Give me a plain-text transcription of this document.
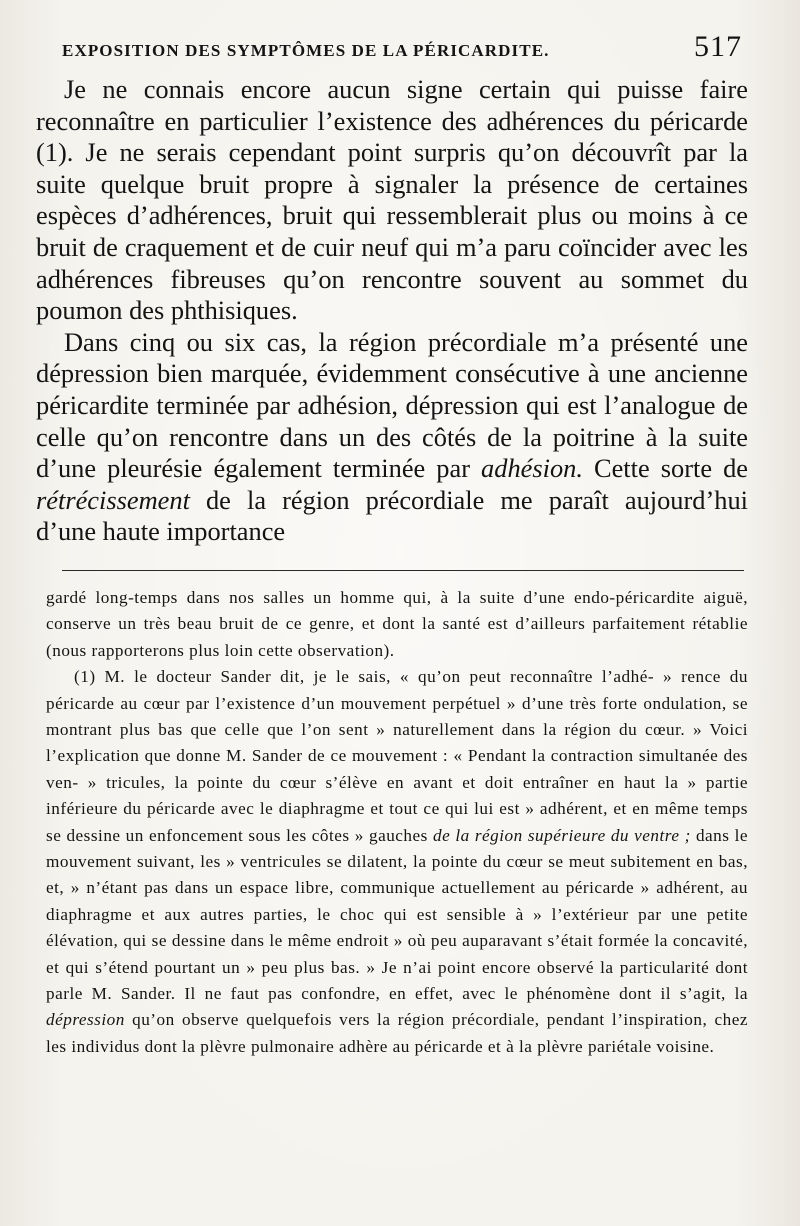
EXPOSITION DES SYMPTÔMES DE LA PÉRICARDITE.	517

Je ne connais encore aucun signe certain qui puisse faire reconnaître en particulier l’existence des adhérences du péricarde (1). Je ne serais cependant point surpris qu’on découvrît par la suite quelque bruit propre à signaler la présence de certaines espèces d’adhérences, bruit qui ressemblerait plus ou moins à ce bruit de craquement et de cuir neuf qui m’a paru coïncider avec les adhérences fibreuses qu’on rencontre souvent au sommet du poumon des phthisiques.

Dans cinq ou six cas, la région précordiale m’a présenté une dépression bien marquée, évidemment consécutive à une ancienne péricardite terminée par adhésion, dépression qui est l’analogue de celle qu’on rencontre dans un des côtés de la poitrine à la suite d’une pleurésie également terminée par adhésion. Cette sorte de rétrécissement de la région précordiale me paraît aujourd’hui d’une haute importance

gardé long-temps dans nos salles un homme qui, à la suite d’une endo-péricardite aiguë, conserve un très beau bruit de ce genre, et dont la santé est d’ailleurs parfaitement rétablie (nous rapporterons plus loin cette observation).

(1) M. le docteur Sander dit, je le sais, « qu’on peut reconnaître l’adhé- » rence du péricarde au cœur par l’existence d’un mouvement perpétuel » d’une très forte ondulation, se montrant plus bas que celle que l’on sent » naturellement dans la région du cœur. » Voici l’explication que donne M. Sander de ce mouvement : « Pendant la contraction simultanée des ven- » tricules, la pointe du cœur s’élève en avant et doit entraîner en haut la » partie inférieure du péricarde avec le diaphragme et tout ce qui lui est » adhérent, et en même temps se dessine un enfoncement sous les côtes » gauches de la région supérieure du ventre ; dans le mouvement suivant, les » ventricules se dilatent, la pointe du cœur se meut subitement en bas, et, » n’étant pas dans un espace libre, communique actuellement au péricarde » adhérent, au diaphragme et aux autres parties, le choc qui est sensible à » l’extérieur par une petite élévation, qui se dessine dans le même endroit » où peu auparavant s’était formée la concavité, et qui s’étend pourtant un » peu plus bas. » Je n’ai point encore observé la particularité dont parle M. Sander. Il ne faut pas confondre, en effet, avec le phénomène dont il s’agit, la dépression qu’on observe quelquefois vers la région précordiale, pendant l’inspiration, chez les individus dont la plèvre pulmonaire adhère au péricarde et à la plèvre pariétale voisine.
